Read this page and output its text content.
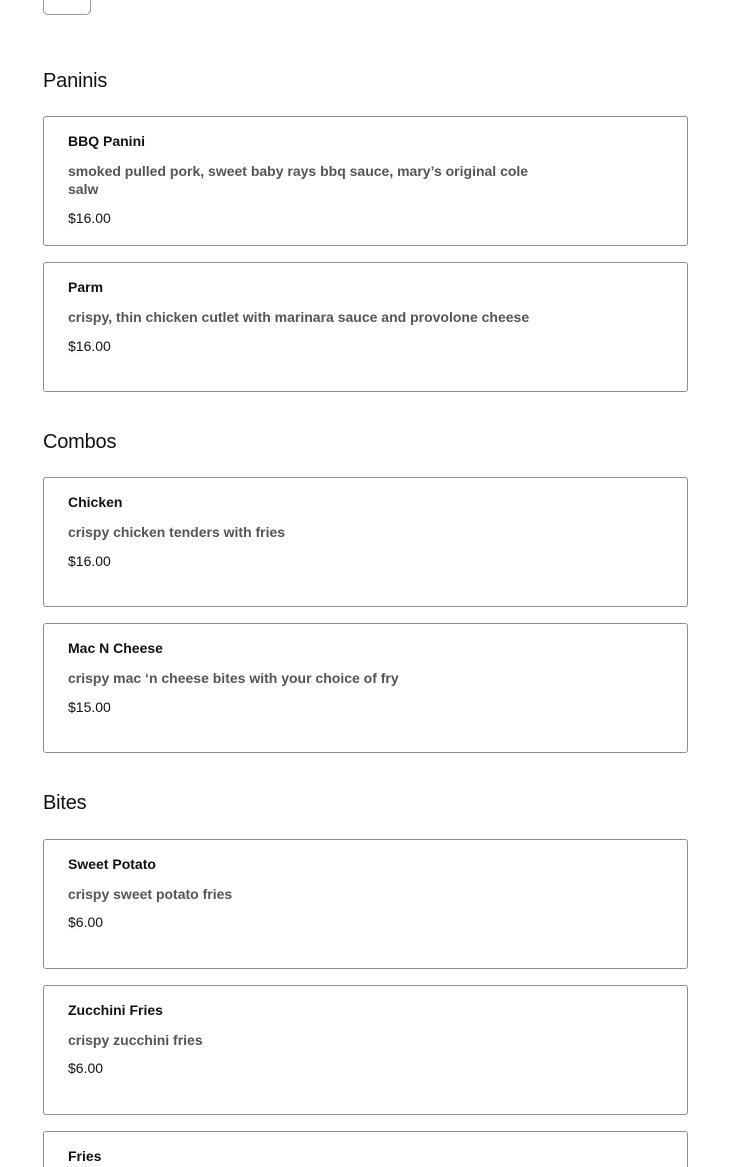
Paninis
BBQ Panini
smoked pulled pork, sweet baby rays bbq sauce, mary’s original cole salw
$16.00
Parm
crispy, thin chicken cutlet with marinara sauce and provolone cheese
$16.00
Combos
Chicken
crispy chicken tenders with fries
$16.00
Mac N Cheese
crispy mac ‘n cheese bites with your choice of fry
$15.00
Bites
Sweet Potato
crispy sweet potato fries
$6.00
Zucchini Fries
crispy zucchini fries
$6.00
Fries
